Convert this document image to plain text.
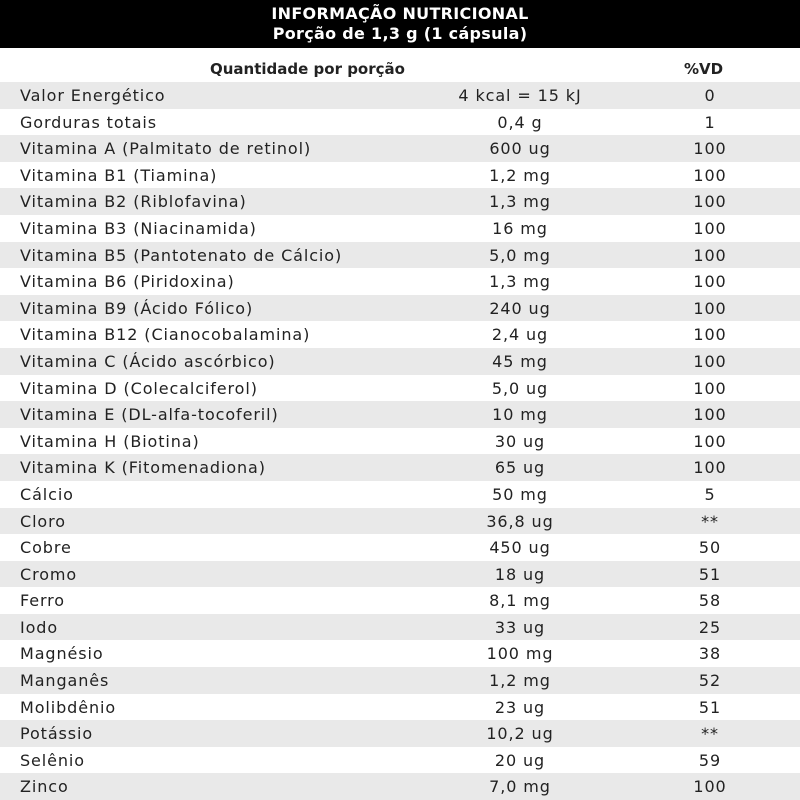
INFORMAÇÃO NUTRICIONAL
Porção de 1,3 g (1 cápsula)
Quantidade por porção	%VD
Valor Energético	4 kcal = 15 kJ	0
Gorduras totais	0,4 g	1
Vitamina A (Palmitato de retinol)	600 ug	100
Vitamina B1 (Tiamina)	1,2 mg	100
Vitamina B2 (Riblofavina)	1,3 mg	100
Vitamina B3 (Niacinamida)	16 mg	100
Vitamina B5 (Pantotenato de Cálcio)	5,0 mg	100
Vitamina B6 (Piridoxina)	1,3 mg	100
Vitamina B9 (Ácido Fólico)	240 ug	100
Vitamina B12 (Cianocobalamina)	2,4 ug	100
Vitamina C (Ácido ascórbico)	45 mg	100
Vitamina D (Colecalciferol)	5,0 ug	100
Vitamina E (DL-alfa-tocoferil)	10 mg	100
Vitamina H (Biotina)	30 ug	100
Vitamina K (Fitomenadiona)	65 ug	100
Cálcio	50 mg	5
Cloro	36,8 ug	**
Cobre	450 ug	50
Cromo	18 ug	51
Ferro	8,1 mg	58
Iodo	33 ug	25
Magnésio	100 mg	38
Manganês	1,2 mg	52
Molibdênio	23 ug	51
Potássio	10,2 ug	**
Selênio	20 ug	59
Zinco	7,0 mg	100
